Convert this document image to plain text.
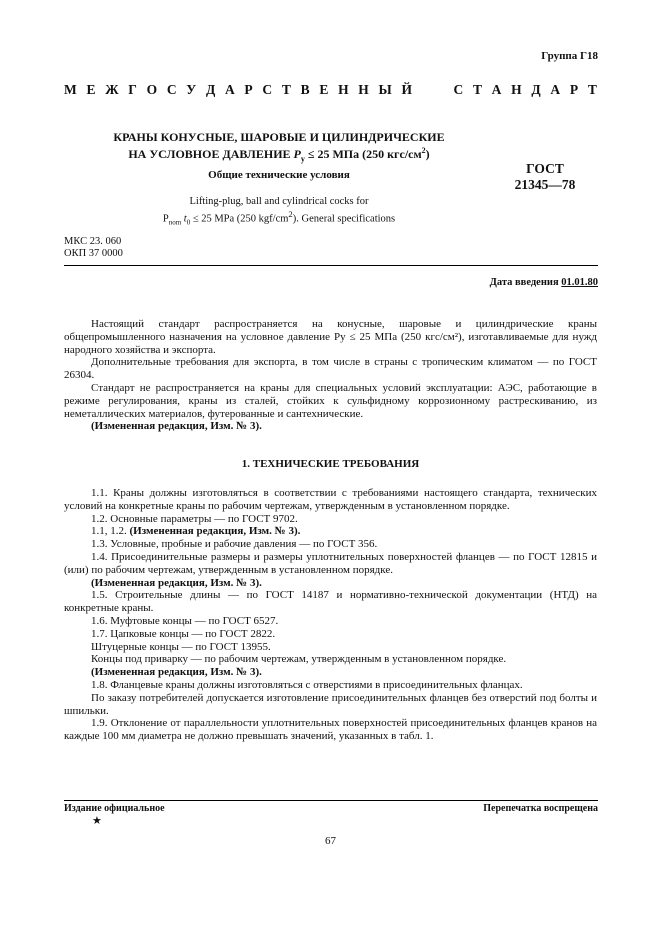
Группа Г18
М Е Ж Г О С У Д А Р С Т В Е Н Н Ы Й	С Т А Н Д А Р Т
КРАНЫ КОНУСНЫЕ, ШАРОВЫЕ И ЦИЛИНДРИЧЕСКИЕ
НА УСЛОВНОЕ ДАВЛЕНИЕ $P_y \le 25$ МПа (250 кгс/$см^2$)
Общие технические условия	ГОСТ
21345—78
Lifting-plug, ball and cylindrical cocks for
$P_{nom}$ $t_0 \le 25$ MPa (250 kgf/$cm^2$). General specifications
МКС 23. 060
ОКП 37 0000
Дата введения 01.01.80

Настоящий стандарт распространяется на конусные, шаровые и цилиндрические краны общепромышленного назначения на условное давление Pу ≤ 25 МПа (250 кгс/см²), изготавливаемые для нужд народного хозяйства и экспорта.

Дополнительные требования для экспорта, в том числе в страны с тропическим климатом — по ГОСТ 26304.

Стандарт не распространяется на краны для специальных условий эксплуатации: АЭС, работающие в режиме регулирования, краны из сталей, стойких к сульфидному коррозионному растрескиванию, из неметаллических материалов, футерованные и сантехнические.

(Измененная редакция, Изм. № 3).

1. ТЕХНИЧЕСКИЕ ТРЕБОВАНИЯ

1.1. Краны должны изготовляться в соответствии с требованиями настоящего стандарта, технических условий на конкретные краны по рабочим чертежам, утвержденным в установленном порядке.

1.2. Основные параметры — по ГОСТ 9702.

1.1, 1.2. (Измененная редакция, Изм. № 3).

1.3. Условные, пробные и рабочие давления — по ГОСТ 356.

1.4. Присоединительные размеры и размеры уплотнительных поверхностей фланцев — по ГОСТ 12815 и (или) по рабочим чертежам, утвержденным в установленном порядке.

(Измененная редакция, Изм. № 3).

1.5. Строительные длины — по ГОСТ 14187 и нормативно-технической документации (НТД) на конкретные краны.

1.6. Муфтовые концы — по ГОСТ 6527.

1.7. Цапковые концы — по ГОСТ 2822.

Штуцерные концы — по ГОСТ 13955.

Концы под приварку — по рабочим чертежам, утвержденным в установленном порядке.

(Измененная редакция, Изм. № 3).

1.8. Фланцевые краны должны изготовляться с отверстиями в присоединительных фланцах.

По заказу потребителей допускается изготовление присоединительных фланцев без отверстий под болты и шпильки.

1.9. Отклонение от параллельности уплотнительных поверхностей присоединительных фланцев кранов на каждые 100 мм диаметра не должно превышать значений, указанных в табл. 1.

Издание официальное	Перепечатка воспрещена
★
67
